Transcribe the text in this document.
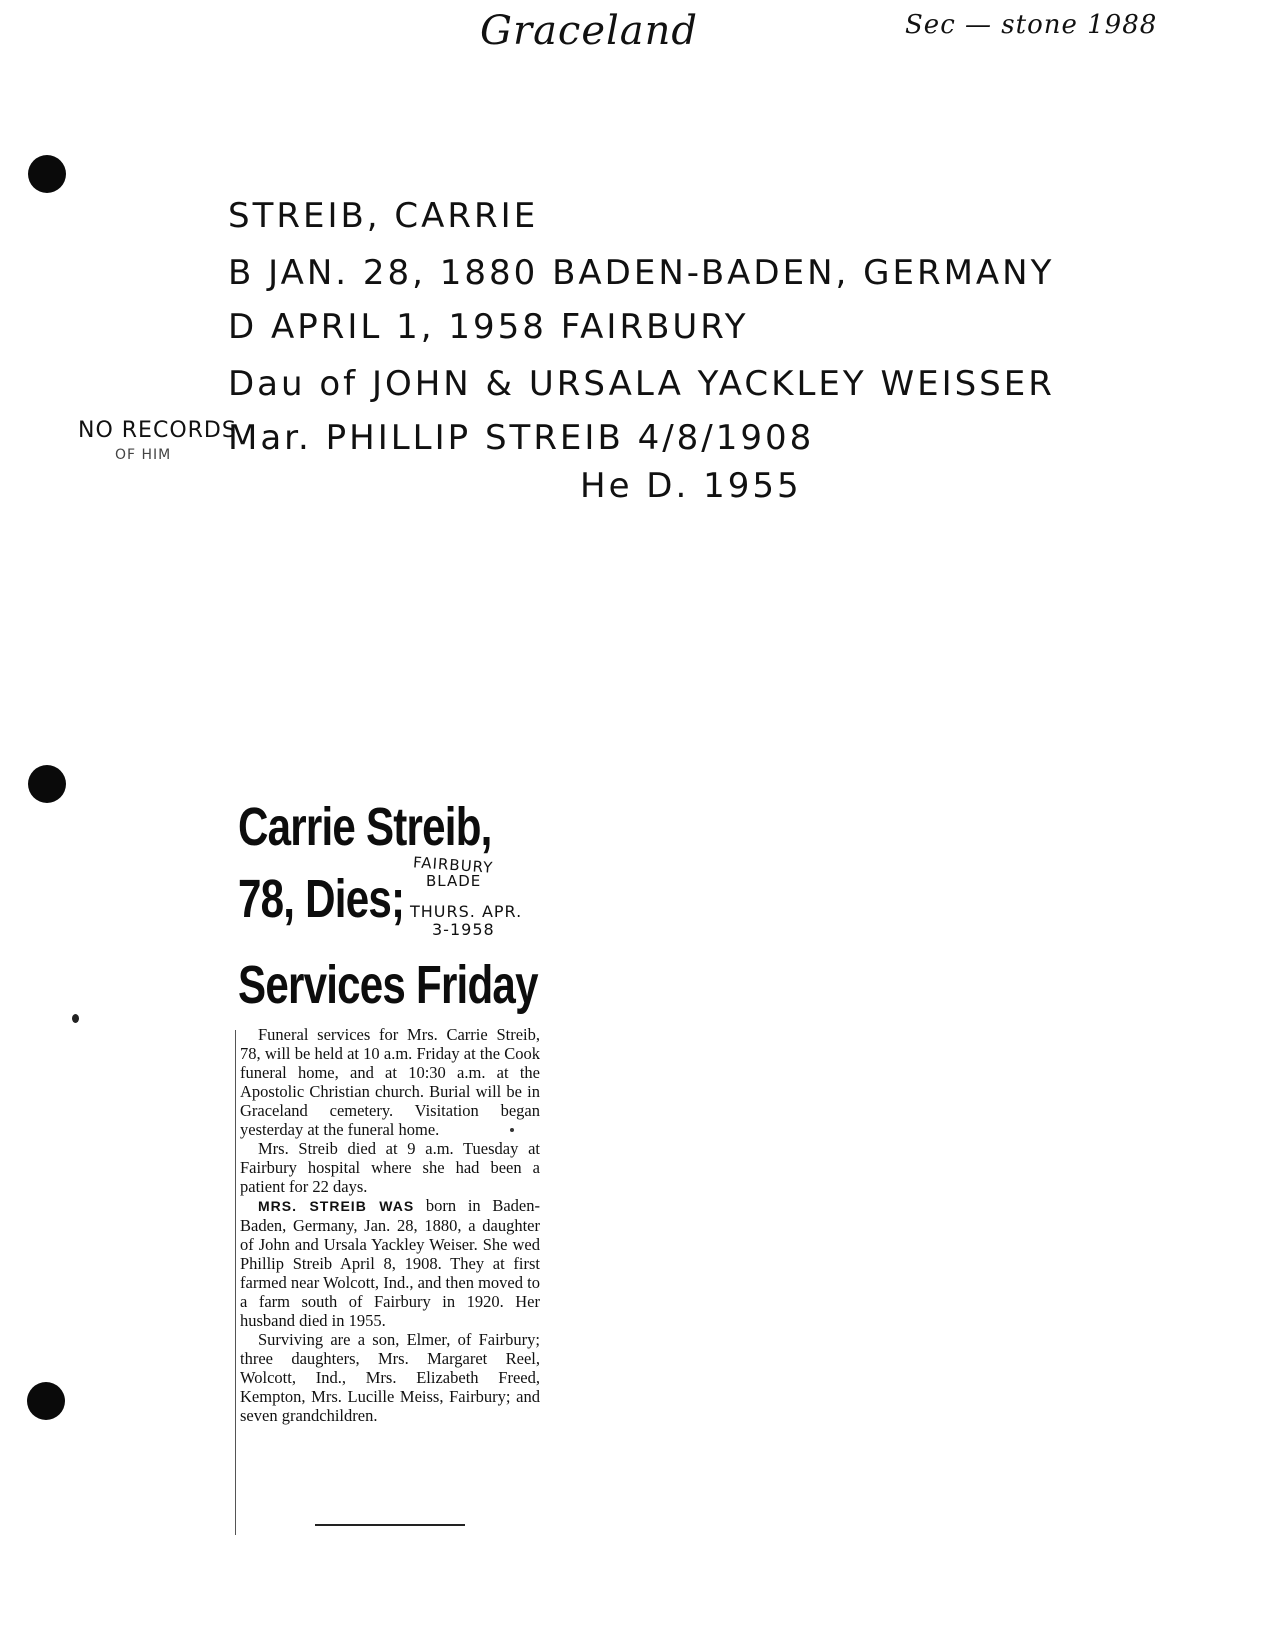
Graceland	Sec — stone 1988
STREIB, CARRIE
B JAN. 28, 1880 BADEN-BADEN, GERMANY
D APRIL 1, 1958 FAIRBURY
Dau of JOHN & URSALA YACKLEY WEISSER
Mar. PHILLIP STREIB 4/8/1908
He D. 1955
NO RECORDS
OF HIM
Carrie Streib,
78, Dies;
Services Friday
FAIRBURY
BLADE
THURS. APR.
3-1958

Funeral services for Mrs. Carrie Streib, 78, will be held at 10 a.m. Friday at the Cook funeral home, and at 10:30 a.m. at the Apostolic Christian church. Burial will be in Graceland cemetery. Visitation began yesterday at the funeral home.

Mrs. Streib died at 9 a.m. Tuesday at Fairbury hospital where she had been a patient for 22 days.

MRS. STREIB WAS born in Baden-Baden, Germany, Jan. 28, 1880, a daughter of John and Ursala Yackley Weiser. She wed Phillip Streib April 8, 1908. They at first farmed near Wolcott, Ind., and then moved to a farm south of Fairbury in 1920. Her husband died in 1955.

Surviving are a son, Elmer, of Fairbury; three daughters, Mrs. Margaret Reel, Wolcott, Ind., Mrs. Elizabeth Freed, Kempton, Mrs. Lucille Meiss, Fairbury; and seven grandchildren.
